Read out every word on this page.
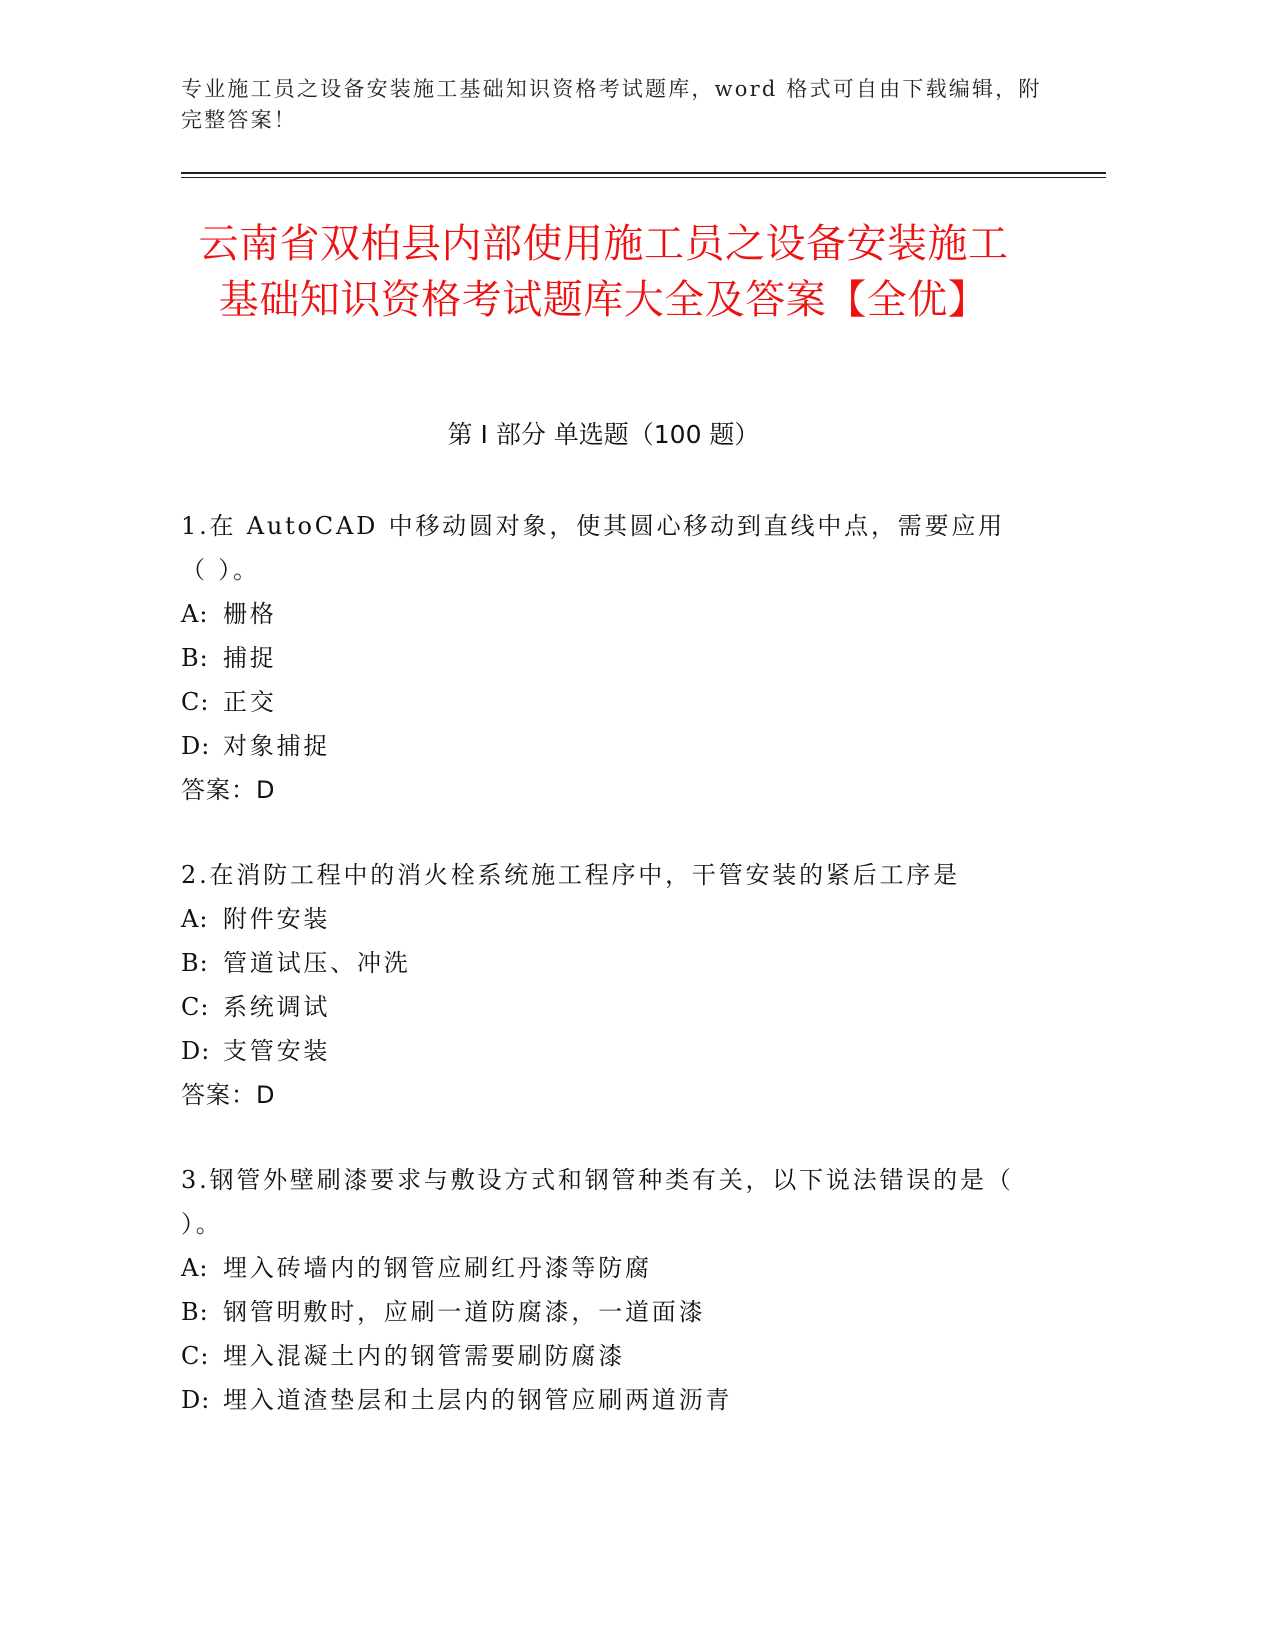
专业施工员之设备安装施工基础知识资格考试题库，word 格式可自由下载编辑，附完整答案！
云南省双柏县内部使用施工员之设备安装施工基础知识资格考试题库大全及答案【全优】
第 I 部分 单选题（100 题）
1.在 AutoCAD 中移动圆对象，使其圆心移动到直线中点，需要应用（ ）。
A: 栅格
B: 捕捉
C: 正交
D: 对象捕捉
答案：D
2.在消防工程中的消火栓系统施工程序中，干管安装的紧后工序是
A: 附件安装
B: 管道试压、冲洗
C: 系统调试
D: 支管安装
答案：D
3.钢管外壁刷漆要求与敷设方式和钢管种类有关，以下说法错误的是（ ）。
A: 埋入砖墙内的钢管应刷红丹漆等防腐
B: 钢管明敷时，应刷一道防腐漆，一道面漆
C: 埋入混凝土内的钢管需要刷防腐漆
D: 埋入道渣垫层和土层内的钢管应刷两道沥青
